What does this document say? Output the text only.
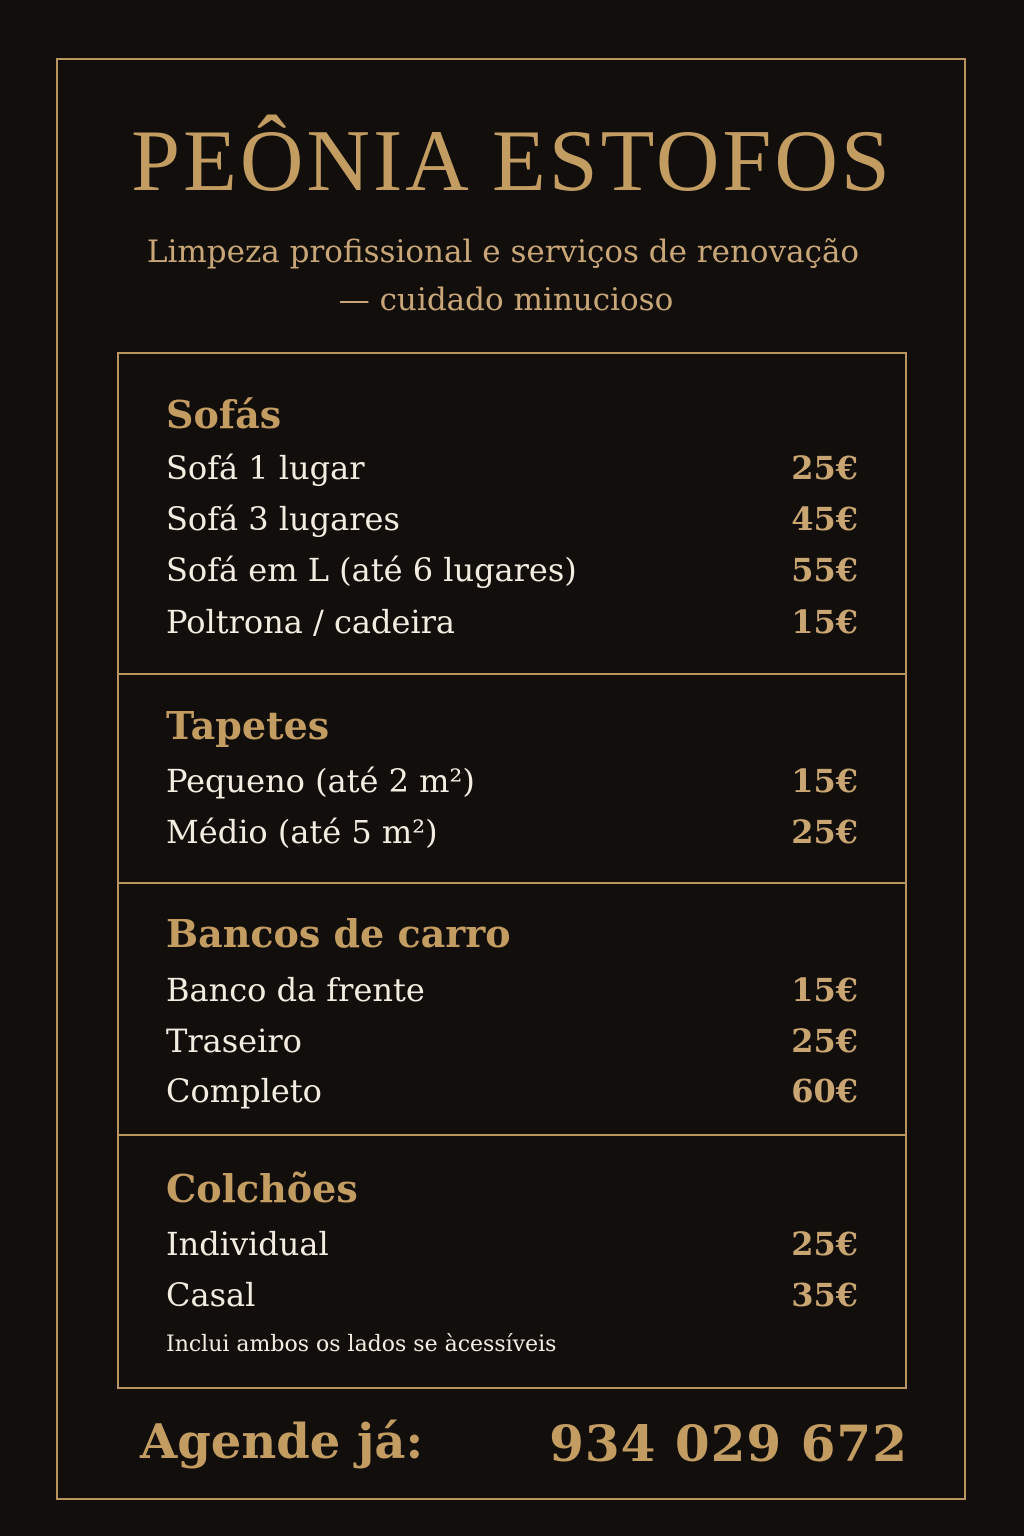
PEÔNIA ESTOFOS
Limpeza profissional e serviços de renovação
— cuidado minucioso
Sofás
Sofá 1 lugar	25€
Sofá 3 lugares	45€
Sofá em L (até 6 lugares)	55€
Poltrona / cadeira	15€
Tapetes
Pequeno (até 2 m²)	15€
Médio (até 5 m²)	25€
Bancos de carro
Banco da frente	15€
Traseiro	25€
Completo	60€
Colchões
Individual	25€
Casal	35€
Inclui ambos os lados se àcessíveis
Agende já:	934 029 672
